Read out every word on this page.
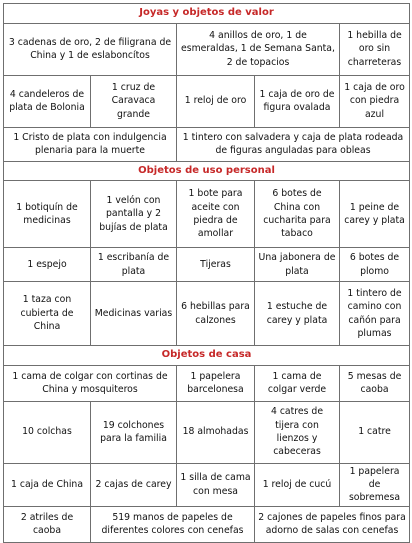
Joyas y objetos de valor				
3 cadenas de oro, 2 de filigrana de China y 1 de eslaboncítos		4 anillos de oro, 1 de esmeraldas, 1 de Semana Santa, 2 de topacios		1 hebilla de oro sin charreteras
4 candeleros de plata de Bolonia	1 cruz de Caravaca grande	1 reloj de oro	1 caja de oro de figura ovalada	1 caja de oro con piedra azul
1 Cristo de plata con indulgencia plenaria para la muerte		1 tintero con salvadera y caja de plata rodeada de figuras anguladas para obleas		
Objetos de uso personal				
1 botiquín de medicinas	1 velón con pantalla y 2 bujías de plata	1 bote para aceite con piedra de amollar	6 botes de China con cucharita para tabaco	1 peine de carey y plata
1 espejo	1 escribanía de plata	Tijeras	Una jabonera de plata	6 botes de plomo
1 taza con cubierta de China	Medicinas varias	6 hebillas para calzones	1 estuche de carey y plata	1 tintero de camino con cañón para plumas
Objetos de casa				
1 cama de colgar con cortinas de China y mosquiteros		1 papelera barcelonesa	1 cama de colgar verde	5 mesas de caoba
10 colchas	19 colchones para la familia	18 almohadas	4 catres de tijera con lienzos y cabeceras	1 catre
1 caja de China	2 cajas de carey	1 silla de cama con mesa	1 reloj de cucú	1 papelera de sobremesa
2 atriles de caoba	519 manos de papeles de diferentes colores con cenefas		2 cajones de papeles finos para adorno de salas con cenefas	
